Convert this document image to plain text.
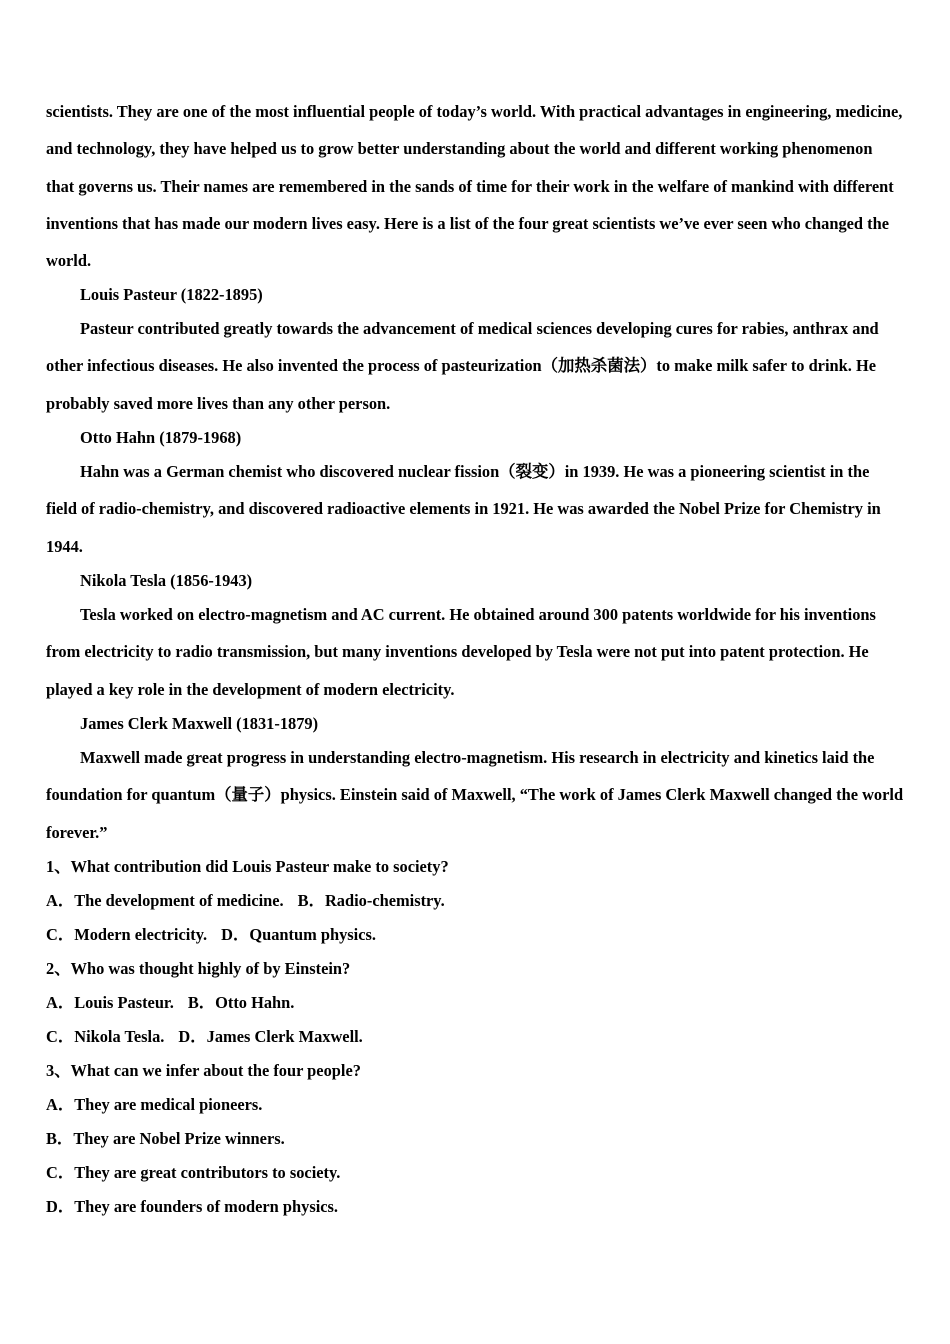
scientists. They are one of the most influential people of today’s world. With practical advantages in engineering, medicine, and technology, they have helped us to grow better understanding about the world and different working phenomenon that governs us. Their names are remembered in the sands of time for their work in the welfare of mankind with different inventions that has made our modern lives easy. Here is a list of the four great scientists we’ve ever seen who changed the world.

Louis Pasteur (1822-1895)

Pasteur contributed greatly towards the advancement of medical sciences developing cures for rabies, anthrax and other infectious diseases. He also invented the process of pasteurization（加热杀菌法）to make milk safer to drink. He probably saved more lives than any other person.

Otto Hahn (1879-1968)

Hahn was a German chemist who discovered nuclear fission（裂变）in 1939. He was a pioneering scientist in the field of radio-chemistry, and discovered radioactive elements in 1921. He was awarded the Nobel Prize for Chemistry in 1944.

Nikola Tesla (1856-1943)

Tesla worked on electro-magnetism and AC current. He obtained around 300 patents worldwide for his inventions from electricity to radio transmission, but many inventions developed by Tesla were not put into patent protection. He played a key role in the development of modern electricity.

James Clerk Maxwell (1831-1879)

Maxwell made great progress in understanding electro-magnetism. His research in electricity and kinetics laid the foundation for quantum（量子）physics. Einstein said of Maxwell, “The work of James Clerk Maxwell changed the world forever.”

1、What contribution did Louis Pasteur make to society?
A．The development of medicine. B．Radio-chemistry.
C．Modern electricity. D．Quantum physics.
2、Who was thought highly of by Einstein?
A．Louis Pasteur. B．Otto Hahn.
C．Nikola Tesla. D．James Clerk Maxwell.
3、What can we infer about the four people?
A．They are medical pioneers.
B．They are Nobel Prize winners.
C．They are great contributors to society.
D．They are founders of modern physics.
